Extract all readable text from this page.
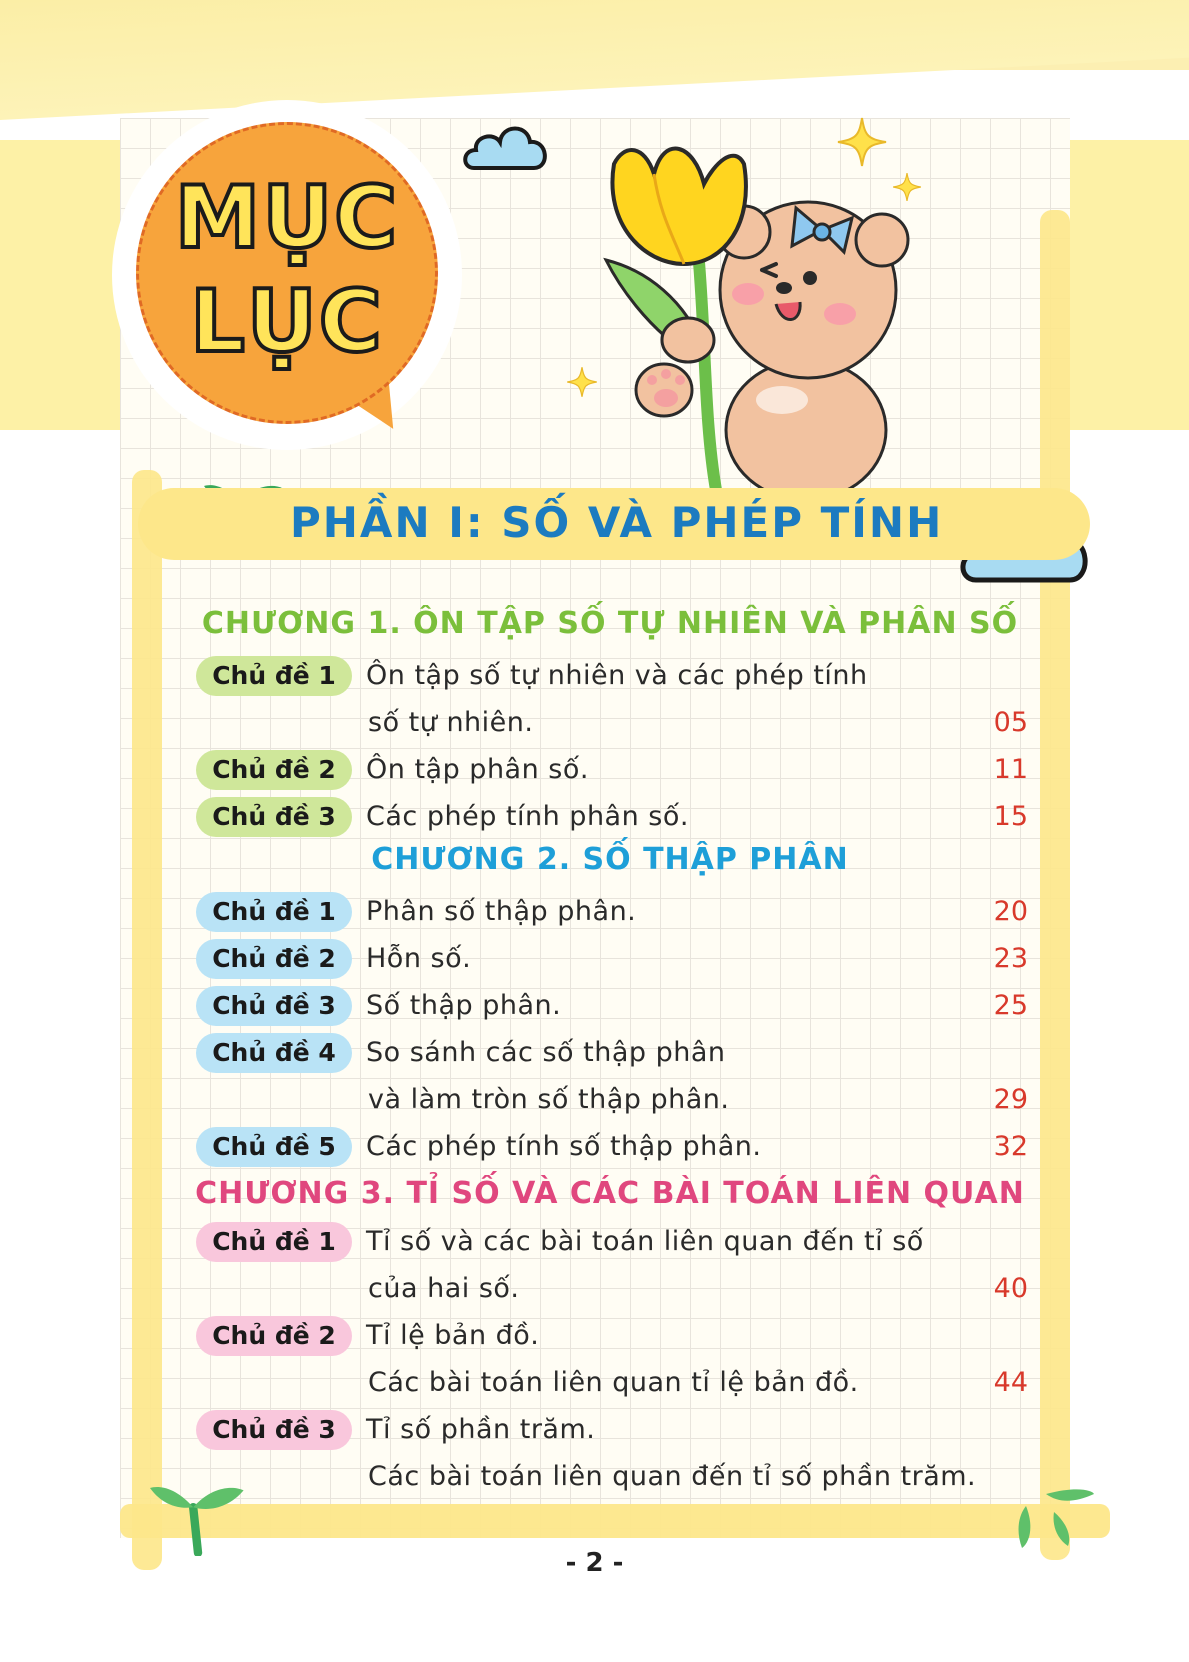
MỤC
LỤC
PHẦN I: SỐ VÀ PHÉP TÍNH
CHƯƠNG 1. ÔN TẬP SỐ TỰ NHIÊN VÀ PHÂN SỐ
Chủ đề 1	Ôn tập số tự nhiên và các phép tính
số tự nhiên.	05
Chủ đề 2	Ôn tập phân số.	11
Chủ đề 3	Các phép tính phân số.	15
CHƯƠNG 2. SỐ THẬP PHÂN
Chủ đề 1	Phân số thập phân.	20
Chủ đề 2	Hỗn số.	23
Chủ đề 3	Số thập phân.	25
Chủ đề 4	So sánh các số thập phân
và làm tròn số thập phân.	29
Chủ đề 5	Các phép tính số thập phân.	32
CHƯƠNG 3. TỈ SỐ VÀ CÁC BÀI TOÁN LIÊN QUAN
Chủ đề 1	Tỉ số và các bài toán liên quan đến tỉ số
của hai số.	40
Chủ đề 2	Tỉ lệ bản đồ.
Các bài toán liên quan tỉ lệ bản đồ.	44
Chủ đề 3	Tỉ số phần trăm.
Các bài toán liên quan đến tỉ số phần trăm.
- 2 -
